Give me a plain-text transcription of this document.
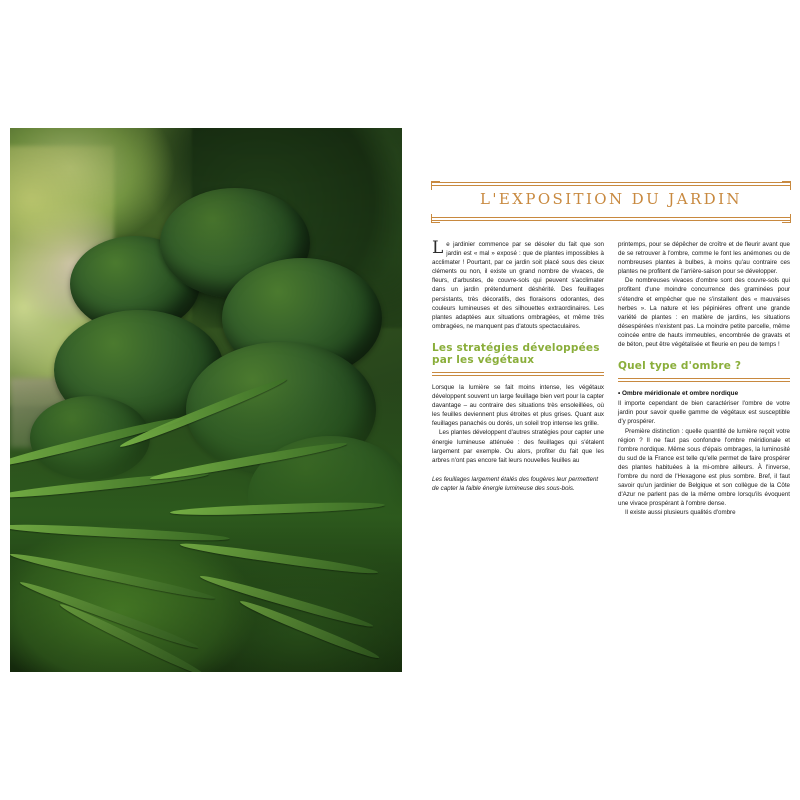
L'EXPOSITION DU JARDIN

Le jardinier commence par se désoler du fait que son jardin est « mal » exposé : que de plantes impossibles à acclimater ! Pourtant, par ce jardin soit placé sous des cieux cléments ou non, il existe un grand nombre de vivaces, de fleurs, d'arbustes, de couvre-sols qui peuvent s'acclimater dans un jardin prétendument déshérité. Des feuillages persistants, très décoratifs, des floraisons odorantes, des couleurs lumineuses et des silhouettes extraordinaires. Les plantes adaptées aux situations ombragées, et même très ombragées, ne manquent pas d'atouts spectaculaires.

Les stratégies développées par les végétaux

Lorsque la lumière se fait moins intense, les végétaux développent souvent un large feuillage bien vert pour la capter davantage – au contraire des situations très ensoleillées, où les feuilles deviennent plus étroites et plus grises. Quant aux feuillages panachés ou dorés, un soleil trop intense les grille.

Les plantes développent d'autres stratégies pour capter une énergie lumineuse atténuée : des feuillages qui s'étalent largement par exemple. Ou alors, profiter du fait que les arbres n'ont pas encore fait leurs nouvelles feuilles au

Les feuillages largement étalés des fougères leur permettent de capter la faible énergie lumineuse des sous-bois.

printemps, pour se dépêcher de croître et de fleurir avant que de se retrouver à l'ombre, comme le font les anémones ou de nombreuses plantes à bulbes, à moins qu'au contraire ces plantes ne profitent de l'arrière-saison pour se développer.

De nombreuses vivaces d'ombre sont des couvre-sols qui profitent d'une moindre concurrence des graminées pour s'étendre et empêcher que ne s'installent des « mauvaises herbes ». La nature et les pépiniéres offrent une grande variété de plantes : en matière de jardins, les situations désespérées n'existent pas. La moindre petite parcelle, même coincée entre de hauts immeubles, encombrée de gravats et de béton, peut être végétalisée et fleurie en peu de temps !

Quel type d'ombre ?

• Ombre méridionale et ombre nordique

Il importe cependant de bien caractériser l'ombre de votre jardin pour savoir quelle gamme de végétaux est susceptible d'y prospérer.

Première distinction : quelle quantité de lumière reçoit votre région ? Il ne faut pas confondre l'ombre méridionale et l'ombre nordique. Même sous d'épais ombrages, la luminosité du sud de la France est telle qu'elle permet de faire prospérer des plantes habituées à la mi-ombre ailleurs. À l'inverse, l'ombre du nord de l'Hexagone est plus sombre. Bref, il faut savoir qu'un jardinier de Belgique et son collègue de la Côte d'Azur ne parlent pas de la même ombre lorsqu'ils évoquent une vivace prospérant à l'ombre dense.

Il existe aussi plusieurs qualités d'ombre
